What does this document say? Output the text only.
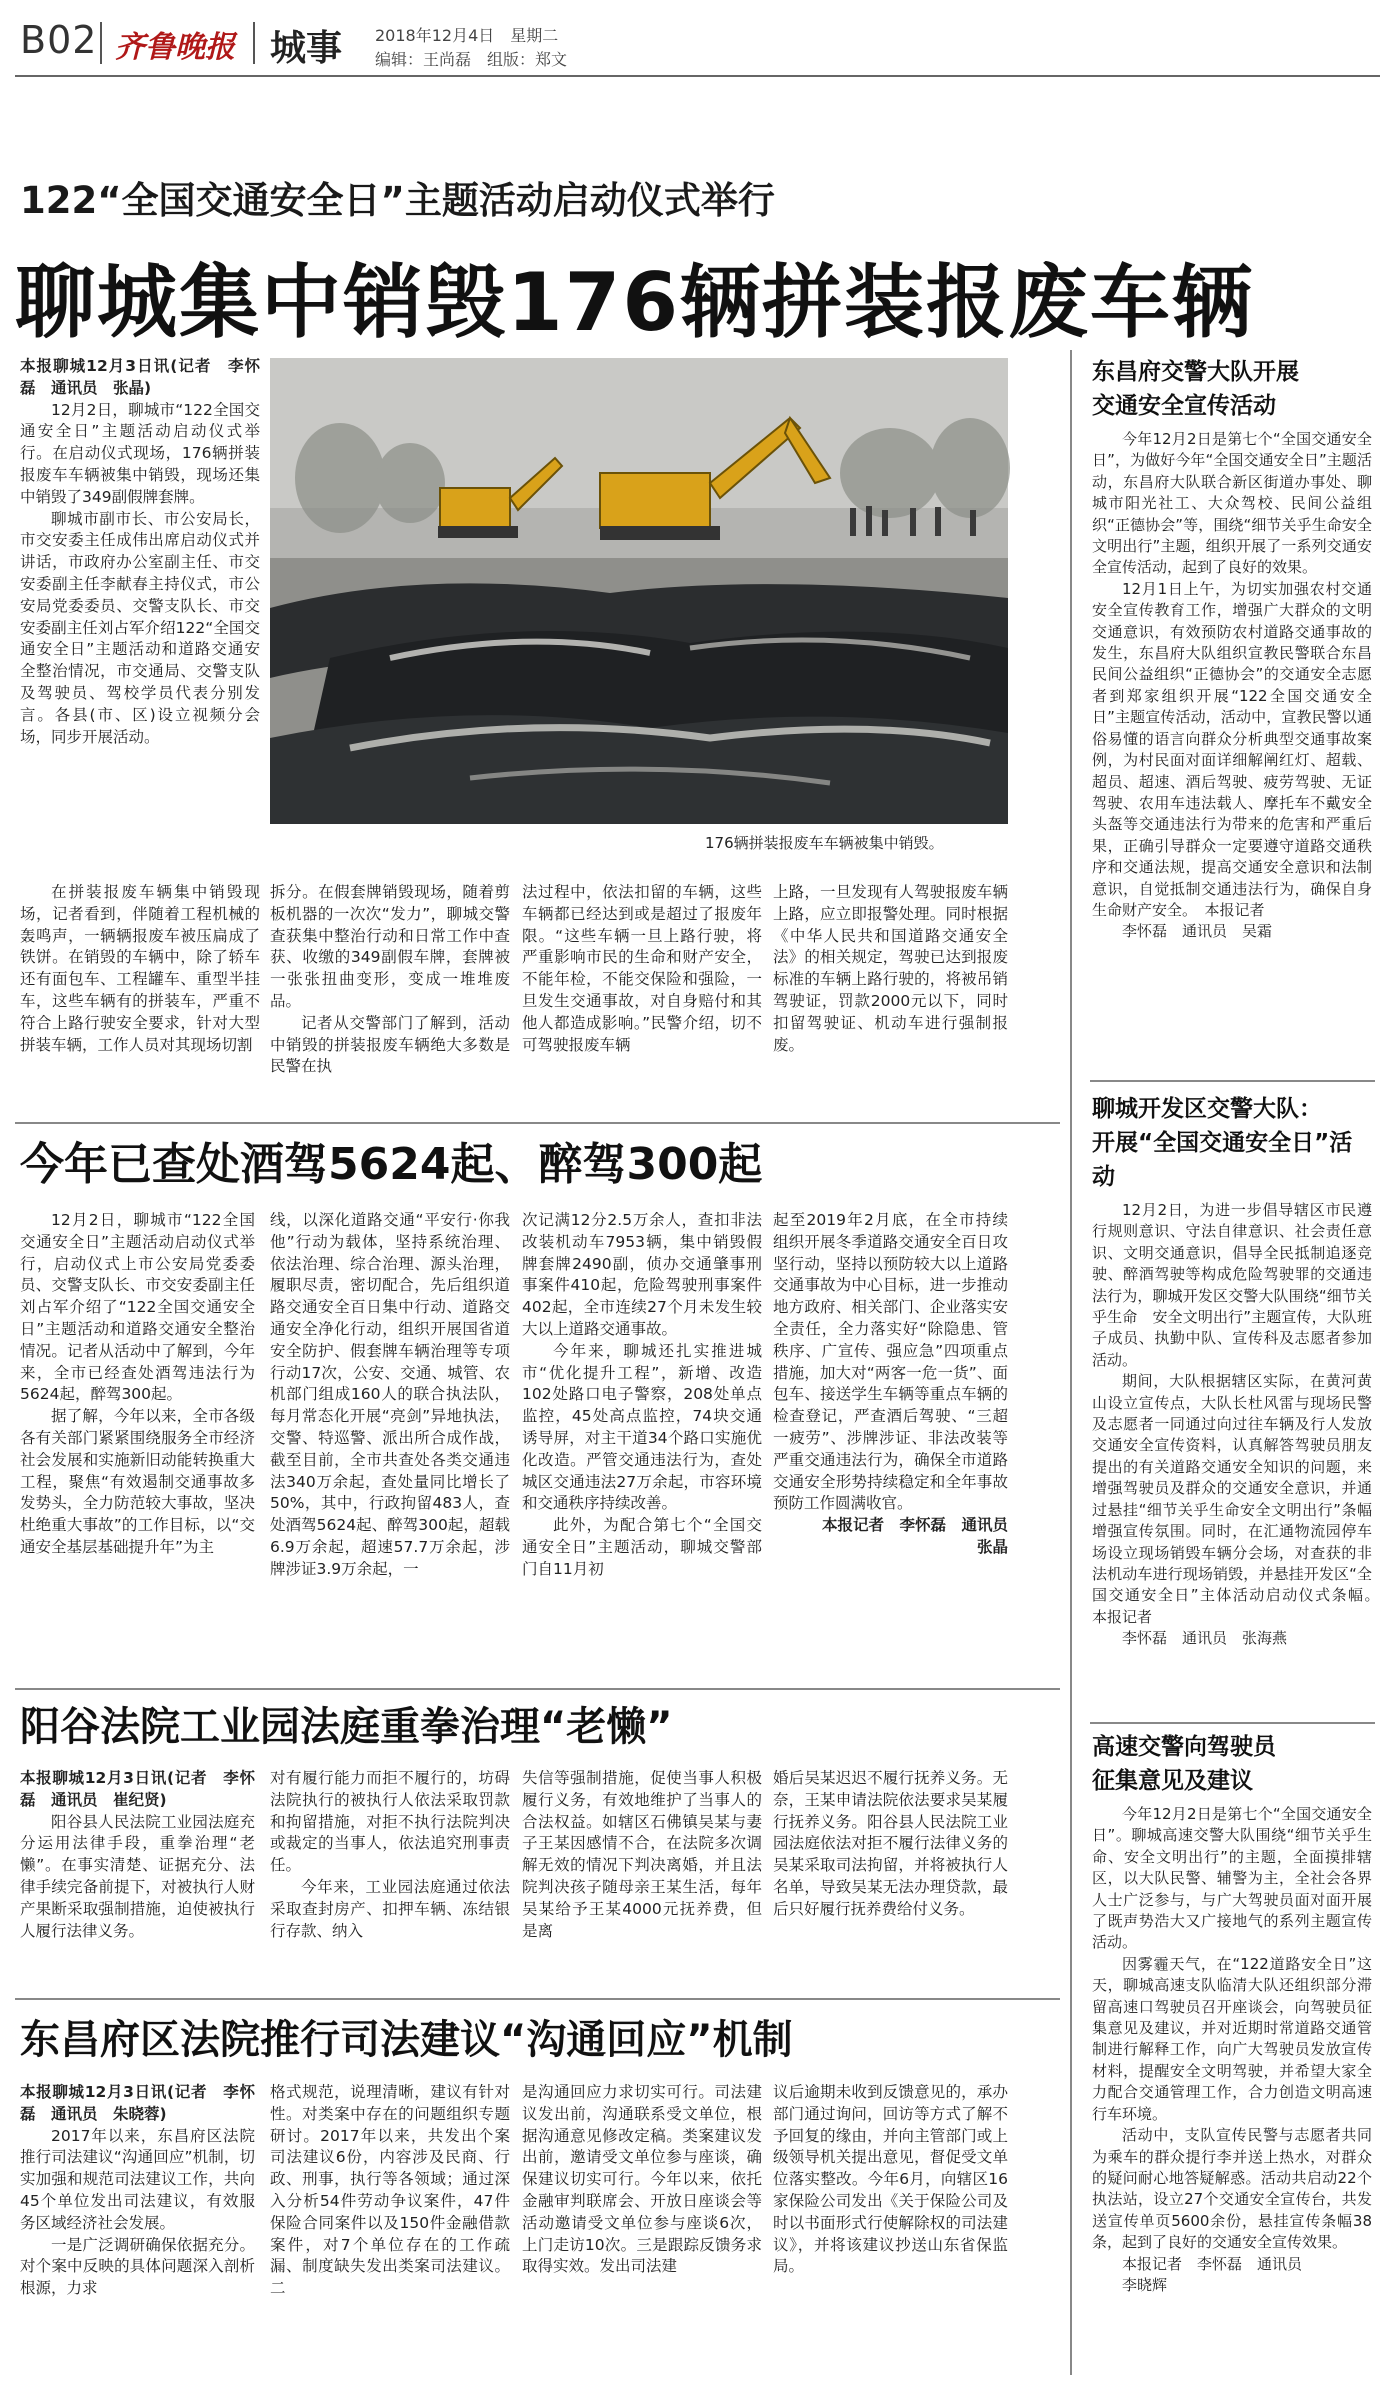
B02 齐鲁晚报 城事 2018年12月4日　星期二
编辑：王尚磊　组版：郑文
122“全国交通安全日”主题活动启动仪式举行
聊城集中销毁176辆拼装报废车辆

本报聊城12月3日讯(记者　李怀磊　通讯员　张晶)

12月2日，聊城市“122全国交通安全日”主题活动启动仪式举行。在启动仪式现场，176辆拼装报废车车辆被集中销毁，现场还集中销毁了349副假牌套牌。

聊城市副市长、市公安局长，市交安委主任成伟出席启动仪式并讲话，市政府办公室副主任、市交安委副主任李献春主持仪式，市公安局党委委员、交警支队长、市交安委副主任刘占军介绍122“全国交通安全日”主题活动和道路交通安全整治情况，市交通局、交警支队及驾驶员、驾校学员代表分别发言。各县(市、区)设立视频分会场，同步开展活动。

176辆拼装报废车车辆被集中销毁。

在拼装报废车辆集中销毁现场，记者看到，伴随着工程机械的轰鸣声，一辆辆报废车被压扁成了铁饼。在销毁的车辆中，除了轿车还有面包车、工程罐车、重型半挂车，这些车辆有的拼装车，严重不符合上路行驶安全要求，针对大型拼装车辆，工作人员对其现场切割

拆分。在假套牌销毁现场，随着剪板机器的一次次“发力”，聊城交警查获集中整治行动和日常工作中查获、收缴的349副假车牌，套牌被一张张扭曲变形，变成一堆堆废品。

记者从交警部门了解到，活动中销毁的拼装报废车辆绝大多数是民警在执

法过程中，依法扣留的车辆，这些车辆都已经达到或是超过了报废年限。“这些车辆一旦上路行驶，将严重影响市民的生命和财产安全，不能年检，不能交保险和强险，一旦发生交通事故，对自身赔付和其他人都造成影响。”民警介绍，切不可驾驶报废车辆

上路，一旦发现有人驾驶报废车辆上路，应立即报警处理。同时根据《中华人民共和国道路交通安全法》的相关规定，驾驶已达到报废标准的车辆上路行驶的，将被吊销驾驶证，罚款2000元以下，同时扣留驾驶证、机动车进行强制报废。

东昌府交警大队开展
交通安全宣传活动

今年12月2日是第七个“全国交通安全日”，为做好今年“全国交通安全日”主题活动，东昌府大队联合新区街道办事处、聊城市阳光社工、大众驾校、民间公益组织“正德协会”等，围绕“细节关乎生命安全文明出行”主题，组织开展了一系列交通安全宣传活动，起到了良好的效果。

12月1日上午，为切实加强农村交通安全宣传教育工作，增强广大群众的文明交通意识，有效预防农村道路交通事故的发生，东昌府大队组织宣教民警联合东昌民间公益组织“正德协会”的交通安全志愿者到郑家组织开展“122全国交通安全日”主题宣传活动，活动中，宣教民警以通俗易懂的语言向群众分析典型交通事故案例，为村民面对面详细解阐红灯、超载、超员、超速、酒后驾驶、疲劳驾驶、无证驾驶、农用车违法载人、摩托车不戴安全头盔等交通违法行为带来的危害和严重后果，正确引导群众一定要遵守道路交通秩序和交通法规，提高交通安全意识和法制意识，自觉抵制交通违法行为，确保自身生命财产安全。　本报记者

李怀磊　通讯员　吴霜

聊城开发区交警大队：
开展“全国交通安全日”活动

12月2日，为进一步倡导辖区市民遵行规则意识、守法自律意识、社会责任意识、文明交通意识，倡导全民抵制追逐竞驶、醉酒驾驶等构成危险驾驶罪的交通违法行为，聊城开发区交警大队围绕“细节关乎生命　安全文明出行”主题宣传，大队班子成员、执勤中队、宣传科及志愿者参加活动。

期间，大队根据辖区实际，在黄河黄山设立宣传点，大队长杜风雷与现场民警及志愿者一同通过向过往车辆及行人发放交通安全宣传资料，认真解答驾驶员朋友提出的有关道路交通安全知识的问题，来增强驾驶员及群众的交通安全意识，并通过悬挂“细节关乎生命安全文明出行”条幅增强宣传氛围。同时，在汇通物流园停车场设立现场销毁车辆分会场，对查获的非法机动车进行现场销毁，并悬挂开发区“全国交通安全日”主体活动启动仪式条幅。　本报记者

李怀磊　通讯员　张海燕

高速交警向驾驶员
征集意见及建议

今年12月2日是第七个“全国交通安全日”。聊城高速交警大队围绕“细节关乎生命、安全文明出行”的主题，全面摸排辖区，以大队民警、辅警为主，全社会各界人士广泛参与，与广大驾驶员面对面开展了既声势浩大又广接地气的系列主题宣传活动。

因雾霾天气，在“122道路安全日”这天，聊城高速支队临清大队还组织部分滞留高速口驾驶员召开座谈会，向驾驶员征集意见及建议，并对近期时常道路交通管制进行解释工作，向广大驾驶员发放宣传材料，提醒安全文明驾驶，并希望大家全力配合交通管理工作，合力创造文明高速行车环境。

活动中，支队宣传民警与志愿者共同为乘车的群众提行李并送上热水，对群众的疑问耐心地答疑解惑。活动共启动22个执法站，设立27个交通安全宣传台，共发送宣传单页5600余份，悬挂宣传条幅38条，起到了良好的交通安全宣传效果。

本报记者　李怀磊　通讯员

李晓辉

今年已查处酒驾5624起、醉驾300起

12月2日，聊城市“122全国交通安全日”主题活动启动仪式举行，启动仪式上市公安局党委委员、交警支队长、市交安委副主任刘占军介绍了“122全国交通安全日”主题活动和道路交通安全整治情况。记者从活动中了解到，今年来，全市已经查处酒驾违法行为5624起，醉驾300起。

据了解，今年以来，全市各级各有关部门紧紧围绕服务全市经济社会发展和实施新旧动能转换重大工程，聚焦“有效遏制交通事故多发势头，全力防范较大事故，坚决杜绝重大事故”的工作目标，以“交通安全基层基础提升年”为主

线，以深化道路交通“平安行·你我他”行动为载体，坚持系统治理、依法治理、综合治理、源头治理，履职尽责，密切配合，先后组织道路交通安全百日集中行动、道路交通安全净化行动，组织开展国省道安全防护、假套牌车辆治理等专项行动17次，公安、交通、城管、农机部门组成160人的联合执法队，每月常态化开展“亮剑”异地执法，交警、特巡警、派出所合成作战，截至目前，全市共查处各类交通违法340万余起，查处量同比增长了50%，其中，行政拘留483人，查处酒驾5624起、醉驾300起，超载6.9万余起，超速57.7万余起，涉牌涉证3.9万余起，一

次记满12分2.5万余人，查扣非法改装机动车7953辆，集中销毁假牌套牌2490副，侦办交通肇事刑事案件410起，危险驾驶刑事案件402起，全市连续27个月未发生较大以上道路交通事故。

今年来，聊城还扎实推进城市“优化提升工程”，新增、改造102处路口电子警察，208处单点监控，45处高点监控，74块交通诱导屏，对主干道34个路口实施优化改造。严管交通违法行为，查处城区交通违法27万余起，市容环境和交通秩序持续改善。

此外，为配合第七个“全国交通安全日”主题活动，聊城交警部门自11月初

起至2019年2月底，在全市持续组织开展冬季道路交通安全百日攻坚行动，坚持以预防较大以上道路交通事故为中心目标，进一步推动地方政府、相关部门、企业落实安全责任，全力落实好“除隐患、管秩序、广宣传、强应急”四项重点措施，加大对“两客一危一货”、面包车、接送学生车辆等重点车辆的检查登记，严查酒后驾驶、“三超一疲劳”、涉牌涉证、非法改装等严重交通违法行为，确保全市道路交通安全形势持续稳定和全年事故预防工作圆满收官。

本报记者　李怀磊　通讯员　张晶

阳谷法院工业园法庭重拳治理“老懒”

本报聊城12月3日讯(记者　李怀磊　通讯员　崔纪贤)

阳谷县人民法院工业园法庭充分运用法律手段，重拳治理“老懒”。在事实清楚、证据充分、法律手续完备前提下，对被执行人财产果断采取强制措施，迫使被执行人履行法律义务。

对有履行能力而拒不履行的，坊碍法院执行的被执行人依法采取罚款和拘留措施，对拒不执行法院判决或裁定的当事人，依法追究刑事责任。

今年来，工业园法庭通过依法采取查封房产、扣押车辆、冻结银行存款、纳入

失信等强制措施，促使当事人积极履行义务，有效地维护了当事人的合法权益。如辖区石佛镇吴某与妻子王某因感情不合，在法院多次调解无效的情况下判决离婚，并且法院判决孩子随母亲王某生活，每年吴某给予王某4000元抚养费，但是离

婚后吴某迟迟不履行抚养义务。无奈，王某申请法院依法要求吴某履行抚养义务。阳谷县人民法院工业园法庭依法对拒不履行法律义务的吴某采取司法拘留，并将被执行人名单，导致吴某无法办理贷款，最后只好履行抚养费给付义务。

东昌府区法院推行司法建议“沟通回应”机制

本报聊城12月3日讯(记者　李怀磊　通讯员　朱晓蓉)

2017年以来，东昌府区法院推行司法建议“沟通回应”机制，切实加强和规范司法建议工作，共向45个单位发出司法建议，有效服务区域经济社会发展。

一是广泛调研确保依据充分。对个案中反映的具体问题深入剖析根源，力求

格式规范，说理清晰，建议有针对性。对类案中存在的问题组织专题研讨。2017年以来，共发出个案司法建议6份，内容涉及民商、行政、刑事，执行等各领域；通过深入分析54件劳动争议案件，47件保险合同案件以及150件金融借款案件，对7个单位存在的工作疏漏、制度缺失发出类案司法建议。二

是沟通回应力求切实可行。司法建议发出前，沟通联系受文单位，根据沟通意见修改定稿。类案建议发出前，邀请受文单位参与座谈，确保建议切实可行。今年以来，依托金融审判联席会、开放日座谈会等活动邀请受文单位参与座谈6次，上门走访10次。三是跟踪反馈务求取得实效。发出司法建

议后逾期未收到反馈意见的，承办部门通过询问，回访等方式了解不予回复的缘由，并向主管部门或上级领导机关提出意见，督促受文单位落实整改。今年6月，向辖区16家保险公司发出《关于保险公司及时以书面形式行使解除权的司法建议》，并将该建议抄送山东省保监局。
